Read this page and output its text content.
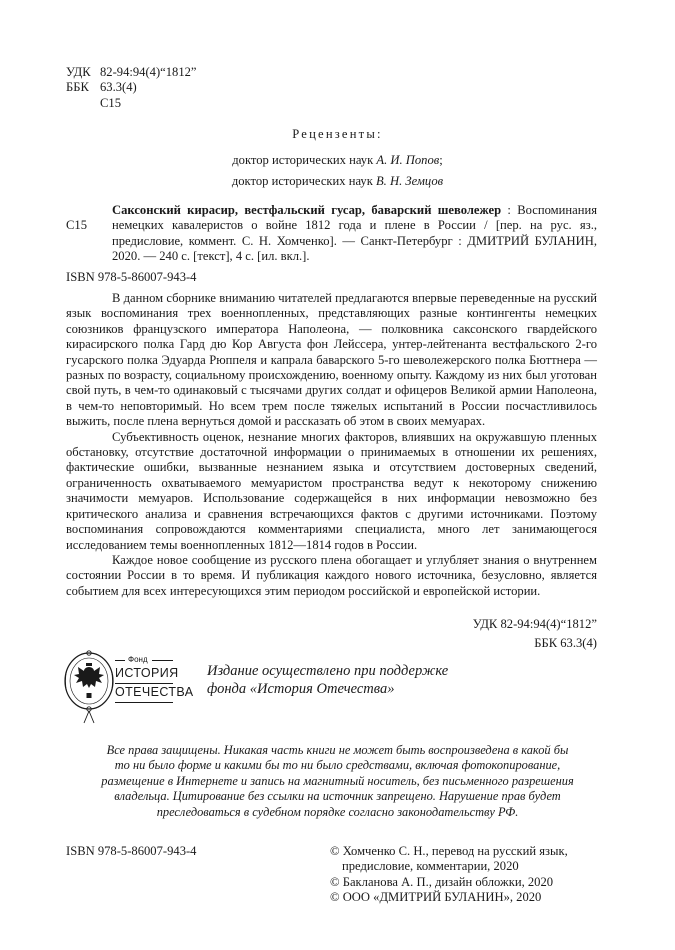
УДК 82-94:94(4)“1812”
ББК 63.3(4)
С15
Рецензенты:
доктор исторических наук А. И. Попов;
доктор исторических наук В. Н. Земцов
С15
Саксонский кирасир, вестфальский гусар, баварский шеволежер : Воспоминания немецких кавалеристов о войне 1812 года и плене в России / [пер. на рус. яз., предисловие, коммент. С. Н. Хомченко]. — Санкт-Петербург : ДМИТРИЙ БУЛАНИН, 2020. — 240 с. [текст], 4 с. [ил. вкл.].
ISBN 978-5-86007-943-4

В данном сборнике вниманию читателей предлагаются впервые переведенные на русский язык воспоминания трех военнопленных, представляющих разные контингенты немецких союзников французского императора Наполеона, — полковника саксонского гвардейского кирасирского полка Гард дю Кор Августа фон Лейссера, унтер-лейтенанта вестфальского 2-го гусарского полка Эдуарда Рюппеля и капрала баварского 5-го шеволежерского полка Бюттнера — разных по возрасту, социальному происхождению, военному опыту. Каждому из них был уготован свой путь, в чем-то одинаковый с тысячами других солдат и офицеров Великой армии Наполеона, в чем-то неповторимый. Но всем трем после тяжелых испытаний в России посчастливилось выжить, после плена вернуться домой и рассказать об этом в своих мемуарах.

Субъективность оценок, незнание многих факторов, влиявших на окружавшую пленных обстановку, отсутствие достаточной информации о принимаемых в отношении их решениях, фактические ошибки, вызванные незнанием языка и отсутствием достоверных сведений, ограниченность охватываемого мемуаристом пространства ведут к некоторому снижению значимости мемуаров. Использование содержащейся в них информации невозможно без критического анализа и сравнения встречающихся фактов с другими источниками. Поэтому воспоминания сопровождаются комментариями специалиста, много лет занимающегося исследованием темы военнопленных 1812—1814 годов в России.

Каждое новое сообщение из русского плена обогащает и углубляет знания о внутреннем состоянии России в то время. И публикация каждого нового источника, безусловно, является событием для всех интересующихся этим периодом российской и европейской истории.

УДК 82-94:94(4)“1812”
ББК 63.3(4)
Фонд
ИСТОРИЯ
ОТЕЧЕСТВА
Издание осуществлено при поддержке
фонда «История Отечества»
Все права защищены. Никакая часть книги не может быть воспроизведена в какой бы
то ни было форме и какими бы то ни было средствами, включая фотокопирование,
размещение в Интернете и запись на магнитный носитель, без письменного разрешения
владельца. Цитирование без ссылки на источник запрещено. Нарушение прав будет
преследоваться в судебном порядке согласно законодательству РФ.
ISBN 978-5-86007-943-4	© Хомченко С. Н., перевод на русский язык,
предисловие, комментарии, 2020
© Бакланова А. П., дизайн обложки, 2020
© ООО «ДМИТРИЙ БУЛАНИН», 2020
